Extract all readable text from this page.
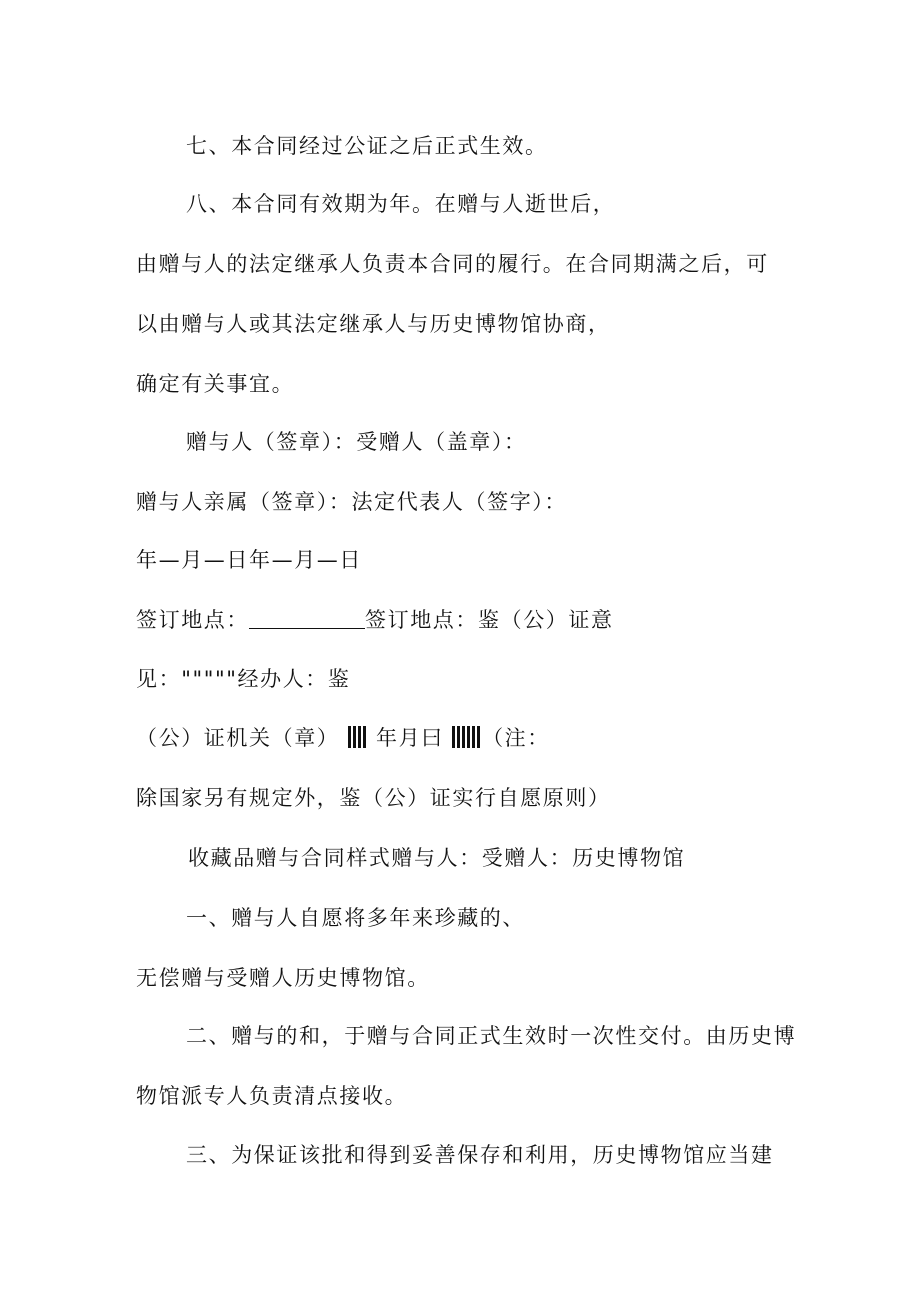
七、本合同经过公证之后正式生效。
八、本合同有效期为年。在赠与人逝世后，
由赠与人的法定继承人负责本合同的履行。在合同期满之后，可
以由赠与人或其法定继承人与历史博物馆协商，
确定有关事宜。
赠与人（签章）：受赠人（盖章）：
赠与人亲属（签章）：法定代表人（签字）：
年—月—日年—月—日
签订地点：	签订地点：鉴（公）证意
见："""""经办人：鉴
（公）证机关（章） 年月曰 （注：
除国家另有规定外，鉴（公）证实行自愿原则）
收藏品赠与合同样式赠与人：受赠人：历史博物馆
一、赠与人自愿将多年来珍藏的、
无偿赠与受赠人历史博物馆。
二、赠与的和，于赠与合同正式生效时一次性交付。由历史博
物馆派专人负责清点接收。
三、为保证该批和得到妥善保存和利用，历史博物馆应当建
